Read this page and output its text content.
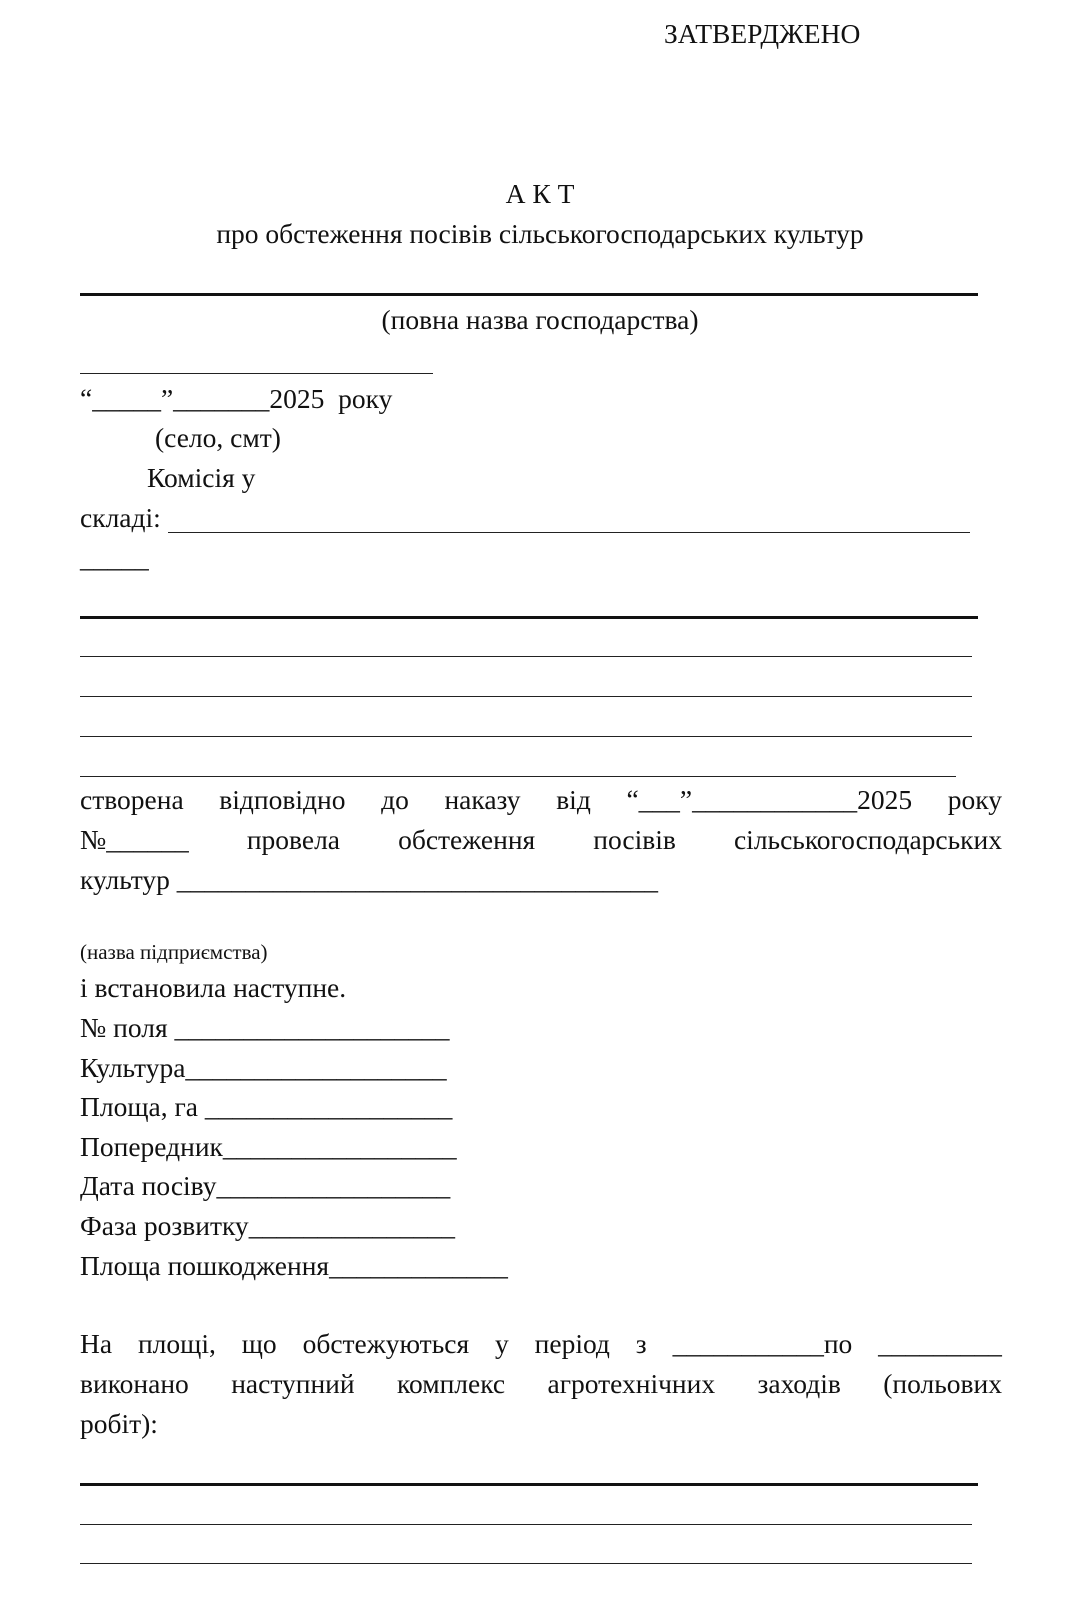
ЗАТВЕРДЖЕНО
А К Т
про обстеження посівів сільськогосподарських культур
(повна назва господарства)
“_____”_______2025  року
(село, смт)
Комісія у
складі:
_____
створена відповідно до наказу від “___”____________2025 року
№______ провела обстеження посівів сільськогосподарських
культур ___________________________________
(назва підприємства)
і встановила наступне.
№ поля ____________________
Культура___________________
Площа, га __________________
Попередник_________________
Дата посіву_________________
Фаза розвитку_______________
Площа пошкодження_____________
На площі, що обстежуються у період з ___________по _________
виконано наступний комплекс агротехнічних заходів (польових
робіт):
